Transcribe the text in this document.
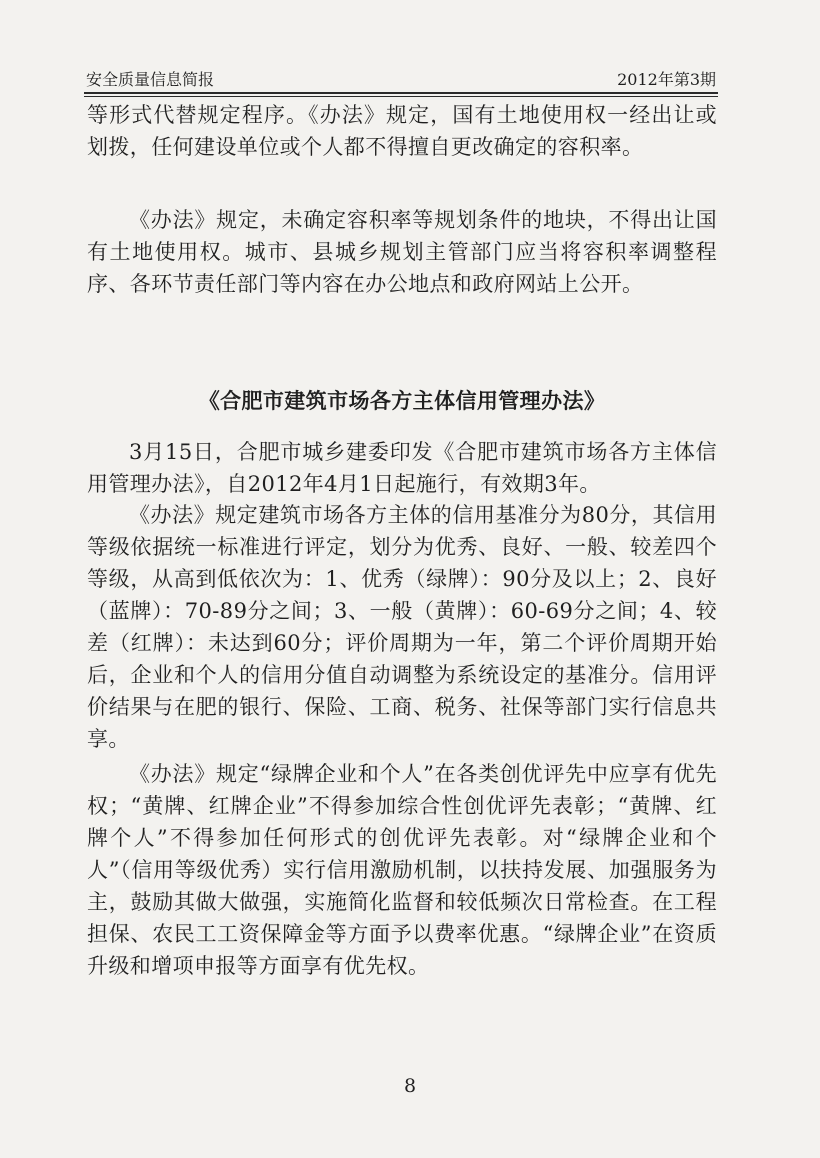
安全质量信息简报	2012年第3期

等形式代替规定程序。《办法》规定，国有土地使用权一经出让或划拨，任何建设单位或个人都不得擅自更改确定的容积率。

《办法》规定，未确定容积率等规划条件的地块，不得出让国有土地使用权。城市、县城乡规划主管部门应当将容积率调整程序、各环节责任部门等内容在办公地点和政府网站上公开。

《合肥市建筑市场各方主体信用管理办法》

3月15日，合肥市城乡建委印发《合肥市建筑市场各方主体信用管理办法》，自2012年4月1日起施行，有效期3年。

《办法》规定建筑市场各方主体的信用基准分为80分，其信用等级依据统一标准进行评定，划分为优秀、良好、一般、较差四个等级，从高到低依次为：1、优秀（绿牌）：90分及以上；2、良好（蓝牌）：70-89分之间；3、一般（黄牌）：60-69分之间；4、较差（红牌）：未达到60分；评价周期为一年，第二个评价周期开始后，企业和个人的信用分值自动调整为系统设定的基准分。信用评价结果与在肥的银行、保险、工商、税务、社保等部门实行信息共享。

《办法》规定“绿牌企业和个人”在各类创优评先中应享有优先权；“黄牌、红牌企业”不得参加综合性创优评先表彰；“黄牌、红牌个人”不得参加任何形式的创优评先表彰。对“绿牌企业和个人”（信用等级优秀）实行信用激励机制，以扶持发展、加强服务为主，鼓励其做大做强，实施简化监督和较低频次日常检查。在工程担保、农民工工资保障金等方面予以费率优惠。“绿牌企业”在资质升级和增项申报等方面享有优先权。

8
